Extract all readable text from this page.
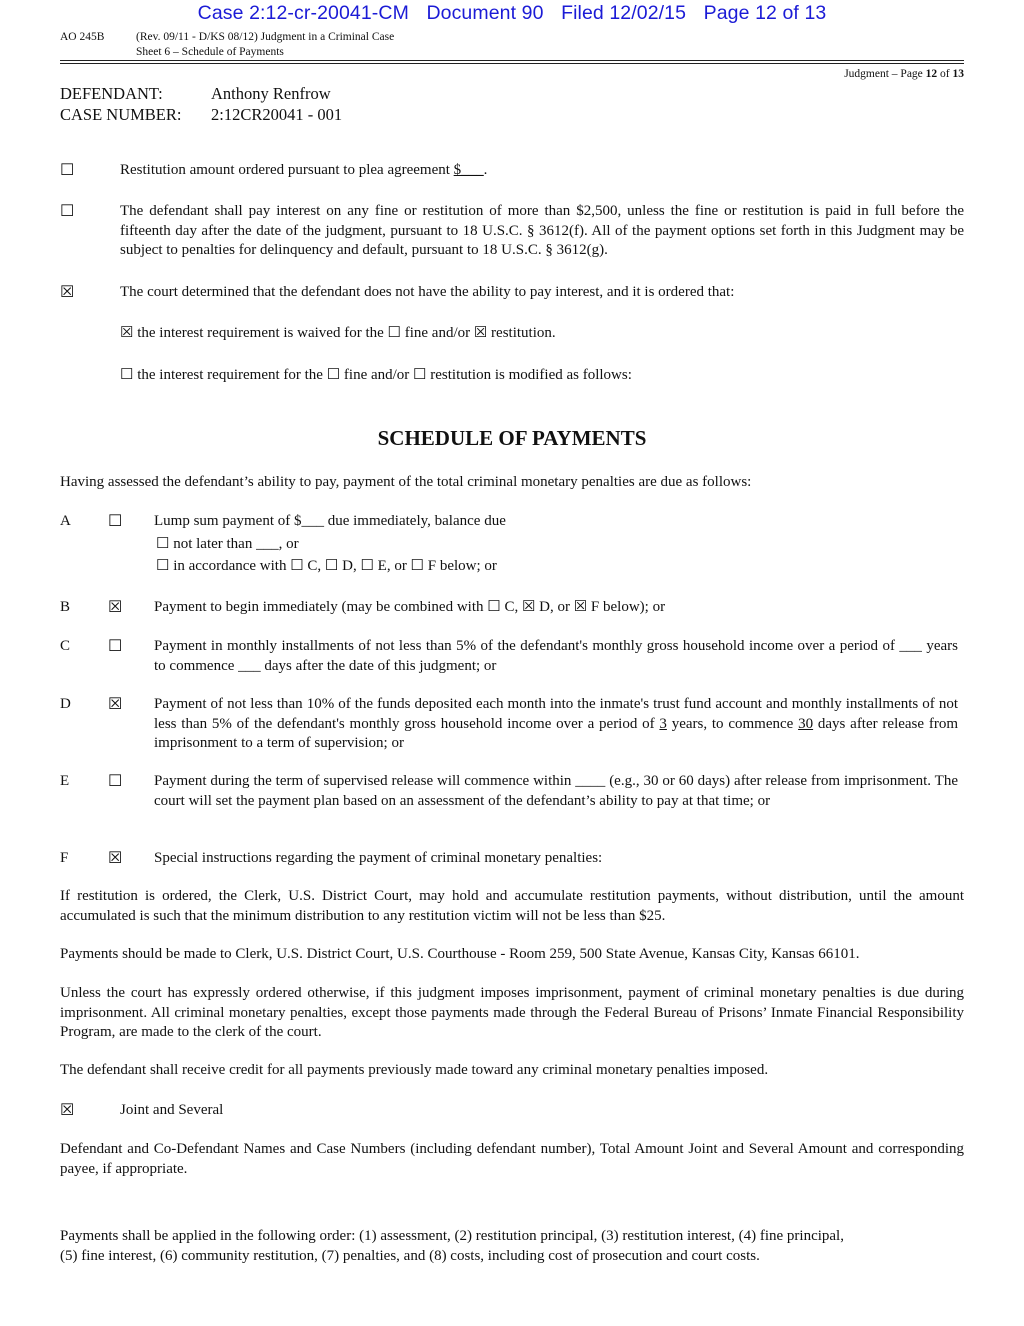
Case 2:12-cr-20041-CM Document 90 Filed 12/02/15 Page 12 of 13
AO 245B	(Rev. 09/11 - D/KS 08/12) Judgment in a Criminal Case
Sheet 6 – Schedule of Payments
Judgment – Page 12 of 13
DEFENDANT:	Anthony Renfrow
CASE NUMBER: 2:12CR20041 - 001
☐	Restitution amount ordered pursuant to plea agreement $___.
☐	The defendant shall pay interest on any fine or restitution of more than $2,500, unless the fine or restitution is paid in full before the fifteenth day after the date of the judgment, pursuant to 18 U.S.C. § 3612(f). All of the payment options set forth in this Judgment may be subject to penalties for delinquency and default, pursuant to 18 U.S.C. § 3612(g).
☒	The court determined that the defendant does not have the ability to pay interest, and it is ordered that:
☒ the interest requirement is waived for the ☐ fine and/or ☒ restitution.
☐ the interest requirement for the ☐ fine and/or ☐ restitution is modified as follows:
SCHEDULE OF PAYMENTS
Having assessed the defendant’s ability to pay, payment of the total criminal monetary penalties are due as follows:
A ☐ Lump sum payment of $___ due immediately, balance due
☐ not later than ___, or
☐ in accordance with ☐ C, ☐ D, ☐ E, or ☐ F below; or
B ☒ Payment to begin immediately (may be combined with ☐ C, ☒ D, or ☒ F below); or
C ☐ Payment in monthly installments of not less than 5% of the defendant's monthly gross household income over a period of ___ years to commence ___ days after the date of this judgment; or
D ☒ Payment of not less than 10% of the funds deposited each month into the inmate's trust fund account and monthly installments of not less than 5% of the defendant's monthly gross household income over a period of 3 years, to commence 30 days after release from imprisonment to a term of supervision; or
E ☐ Payment during the term of supervised release will commence within ____ (e.g., 30 or 60 days) after release from imprisonment. The court will set the payment plan based on an assessment of the defendant’s ability to pay at that time; or
F ☒ Special instructions regarding the payment of criminal monetary penalties:
If restitution is ordered, the Clerk, U.S. District Court, may hold and accumulate restitution payments, without distribution, until the amount accumulated is such that the minimum distribution to any restitution victim will not be less than $25.
Payments should be made to Clerk, U.S. District Court, U.S. Courthouse - Room 259, 500 State Avenue, Kansas City, Kansas 66101.
Unless the court has expressly ordered otherwise, if this judgment imposes imprisonment, payment of criminal monetary penalties is due during imprisonment. All criminal monetary penalties, except those payments made through the Federal Bureau of Prisons’ Inmate Financial Responsibility Program, are made to the clerk of the court.
The defendant shall receive credit for all payments previously made toward any criminal monetary penalties imposed.
☒	Joint and Several
Defendant and Co-Defendant Names and Case Numbers (including defendant number), Total Amount Joint and Several Amount and corresponding payee, if appropriate.
Payments shall be applied in the following order: (1) assessment, (2) restitution principal, (3) restitution interest, (4) fine principal,
(5) fine interest, (6) community restitution, (7) penalties, and (8) costs, including cost of prosecution and court costs.
